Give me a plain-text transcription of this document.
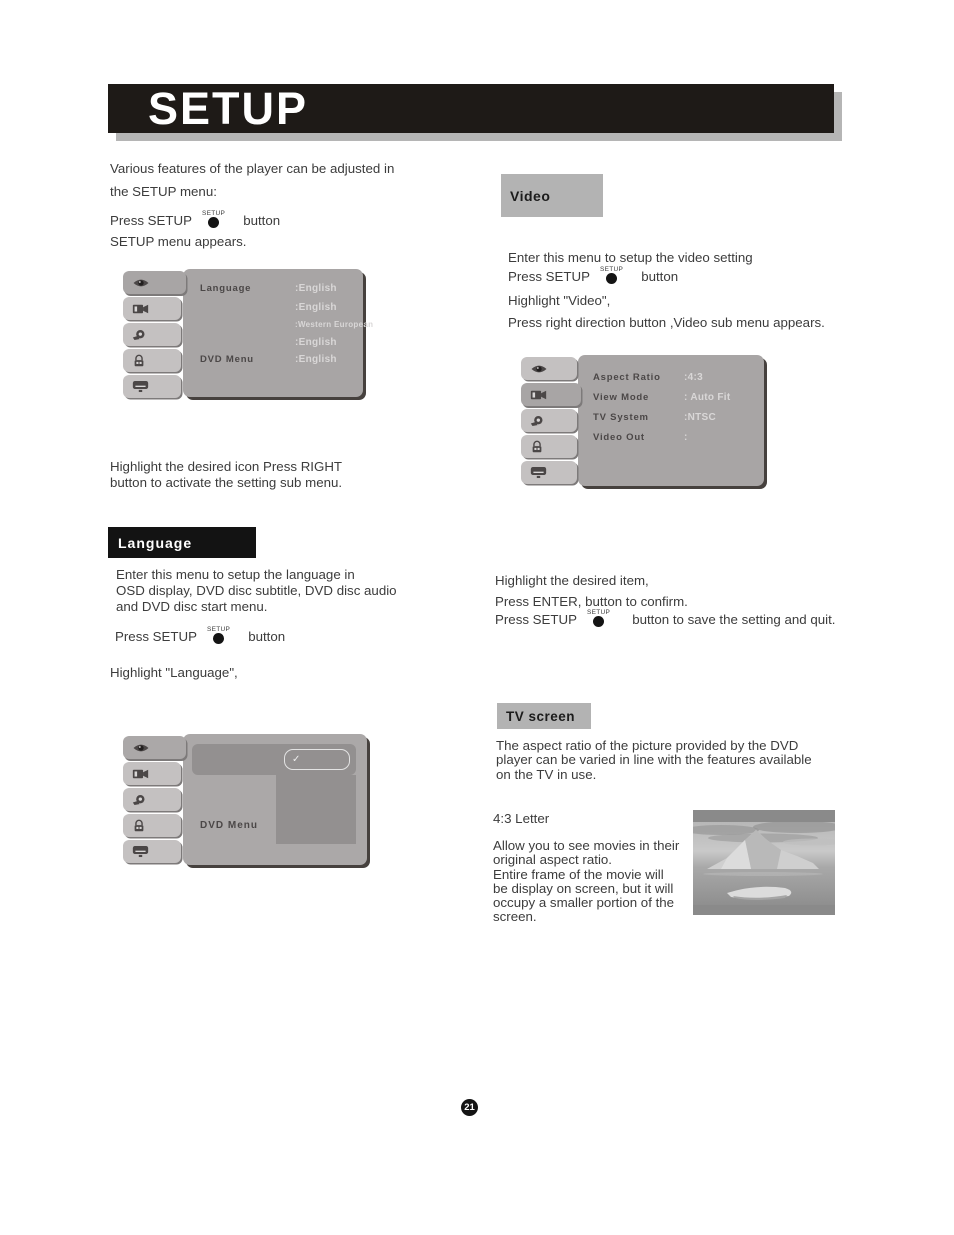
SETUP
Various features of the player can be adjusted in
the SETUP menu:
Press SETUP SETUP button
SETUP menu appears.
Language	:English
:English
:Western European
:English
DVD Menu	:English
Highlight the desired icon Press RIGHT
button to activate the setting sub menu.
Language
Enter this menu to setup the language in
OSD display, DVD disc subtitle, DVD disc audio
and DVD disc start menu.
Press SETUP SETUP button
Highlight "Language",
✓
DVD Menu
Video
Enter this menu to setup the video setting
Press SETUP SETUP button
Highlight "Video",
Press right direction button ,Video sub menu appears.
Aspect Ratio :4:3
View Mode	: Auto Fit
TV System	:NTSC
Video Out	:
Highlight the desired item,
Press ENTER, button to confirm.
Press SETUP SETUP button to save the setting and quit.
TV screen
The aspect ratio of the picture provided by the DVD
player can be varied in line with the features available
on the TV in use.
4:3 Letter
Allow you to see movies in their
original aspect ratio.
Entire frame of the movie will
be display on screen, but it will
occupy a smaller portion of the
screen.
21
